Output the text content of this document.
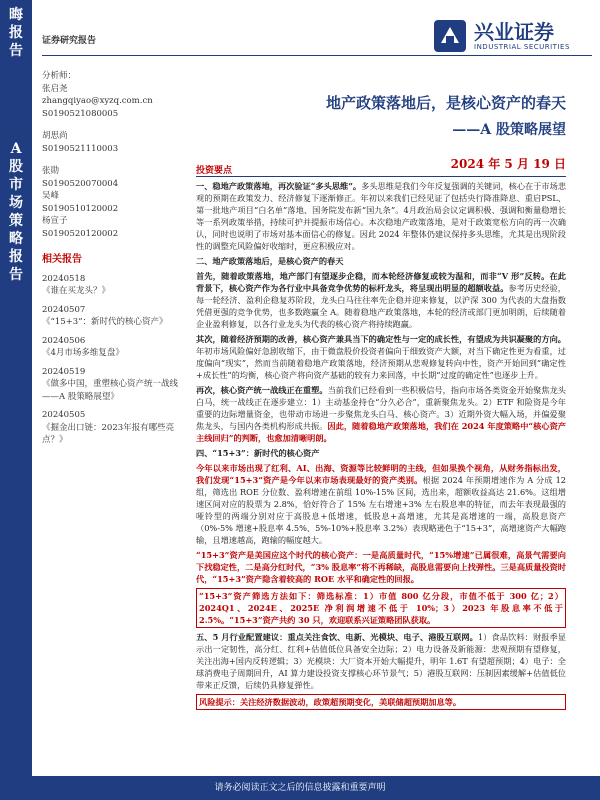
晦
报
告
A
股
市
场
策
略
报
告
证券研究报告	兴业证券
INDUSTRIAL SECURITIES
分析师：
张启尧
zhangqiyao@xyzq.com.cn
S0190521080005
胡思尚
S0190521110003
张勋
S0190520070004
吴峰
S0190510120002
杨宣子
S0190520120002
相关报告
20240518
《谁在买龙头？》
20240507
《“15+3”：新时代的核心资产》
20240506
《4月市场多维复盘》
20240519
《做多中国，重塑核心资产统一战线——A 股策略展望》
20240505
《掘金出口链：2023年报有哪些亮点？》
地产政策落地后，是核心资产的春天
——A 股策略展望
2024 年 5 月 19 日

投资要点

一、稳地产政策落地，再次验证“多头思维”。多头思维是我们今年反复强调的关键词，核心在于市场悲观的预期在政策发力、经济修复下逐渐修正。年初以来我们已经见证了包括央行降准降息、重启PSL、第一批地产项目“白名单”落地、国务院发布新“国九条”。4月政治局会议定调积极、强调和衡量稳增长等一系列政策举措，持续可护并提振市场信心。本次稳地产政策落地，是对于政策宽松方向的再一次确认，同时也说明了市场对基本面信心的修复。因此 2024 年整体仍建议保持多头思维，尤其是出现阶段性的调整充风险偏好收缩时，更应积极应对。

二、地产政策落地后，是核心资产的春天

首先，随着政策落地，地产部门有望逐步企稳，而本轮经济修复或较为温和，而非“V 形”反转。在此背景下，核心资产作为各行业中具备竞争优势的标杆龙头，将呈现出明显的超额收益。参考历史经验，每一轮经济、盈利企稳复苏阶段，龙头白马往往率先企稳并迎来修复，以沪深 300 为代表的大盘指数凭借更强的竞争优势，也多数跑赢全 A。随着稳地产政策落地，本轮的经济或部门更加明朗，后续随着企业盈利修复，以各行业龙头为代表的核心资产将持续跑赢。

其次，随着经济预期的改善，核心资产兼具当下的确定性与一定的成长性，有望成为共识凝聚的方向。年初市场风险偏好急剧收缩下，由于微盘股价投资者偏向于细致资产大额，对当下确定性更为看重，过度偏向“现实”，然而当前随着稳地产政策落地，经济预期从悲观修复转向中性，资产开始回到“确定性+成长性”的均衡，核心资产将向资产基础的较有力来回落，中长期“过度的确定性”也逐步上升。

再次，核心资产统一战线正在重塑。当前我们已经看到一些积极信号，指向市场各类资金开始聚焦龙头白马，统一战线正在逐步建立：1）主动基金持仓“分久必合”，重新聚焦龙头。2）ETF 和险资是今年重要的边际增量资金，也带动市场进一步聚焦龙头白马、核心资产。3）近期外资大幅入场，并偏爱聚焦龙头，与国内各类机构形成共振。因此，随着稳地产政策落地，我们在 2024 年度策略中“核心资产主线回归”的判断，也愈加清晰明朗。

四、“15+3”：新时代的核心资产

今年以来市场出现了红利、AI、出海、资源等比较鲜明的主线，但如果换个视角，从财务指标出发，我们发现“15+3”资产是今年以来市场表现最好的资产类别。根据 2024 年预期增速作为 A 分成 12 组，筛选出 ROE 分位数、盈利增速在前组 10%-15% 区间，选出来，超额收益高达 21.6%。这组增速区间对应的股票为 2.8%，恰好符合了 15% 左右增速+3% 左右股息率的特征，而去年表现最强的哑铃型的两端分别对应于高股息+低增速，低股息+高增速，尤其是高增速的一端，高股息资产（0%-5% 增速+股息率 4.5%、5%-10%+股息率 3.2%）表现略逊色于“15+3”，高增速资产大幅跑输，且增速越高，跑输的幅度越大。

“15+3”资产是美国应这个时代的核心资产：一是高质量时代，“15%增速”已属很难，高景气需要向下找稳定性，二是高分红时代，“3% 股息率”将不再稀缺，高股息需要向上找弹性。三是高质量投资时代，“15+3”资产隐含着较高的 ROE 水平和确定性的回报。

“15+3”资产筛选方法如下：筛选标准：1）市值 800 亿分段，市值不低于 300 亿；2）2024Q1、2024E、2025E 净利润增速不低于 10%；3）2023 年股息率不低于 2.5%。“15+3”资产共约 30 只，欢迎联系兴证策略团队获取。

五、5 月行业配置建议：重点关注食饮、电新、光模块、电子、港股互联网。1）食品饮料：财报季显示出一定韧性，高分红、红利+估值低位具备安全边际；2）电力设备及新能源：悲观预期有望修复，关注出海+国内反转逻辑；3）光模块：大厂资本开始大幅提升，明年 1.6T 有望超预期；4）电子：全球消费电子周期回升，AI 算力建设投资支撑核心环节景气；5）港股互联网：压制因素缓解+估值低位带来正反馈，后续仍具修复弹性。

风险提示：关注经济数据波动，政策超预期变化，美联储超预期加息等。

请务必阅读正文之后的信息披露和重要声明
